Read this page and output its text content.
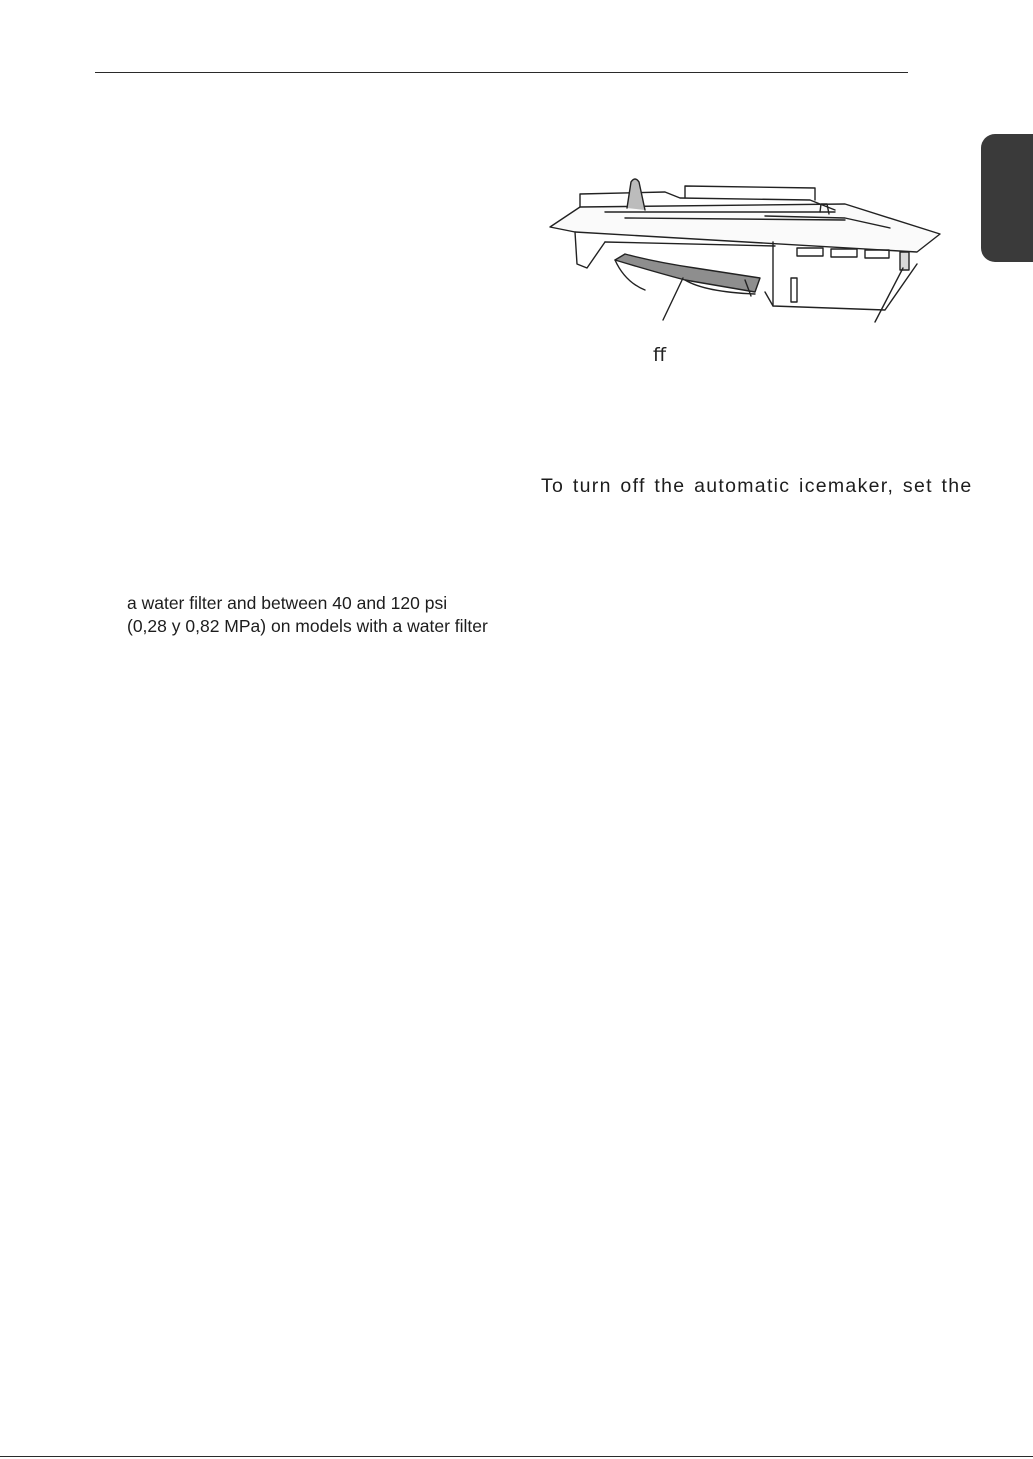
ﬀ
To turn off the automatic icemaker, set the
a water filter and between 40 and 120 psi
(0,28 y 0,82 MPa) on models with a water filter
